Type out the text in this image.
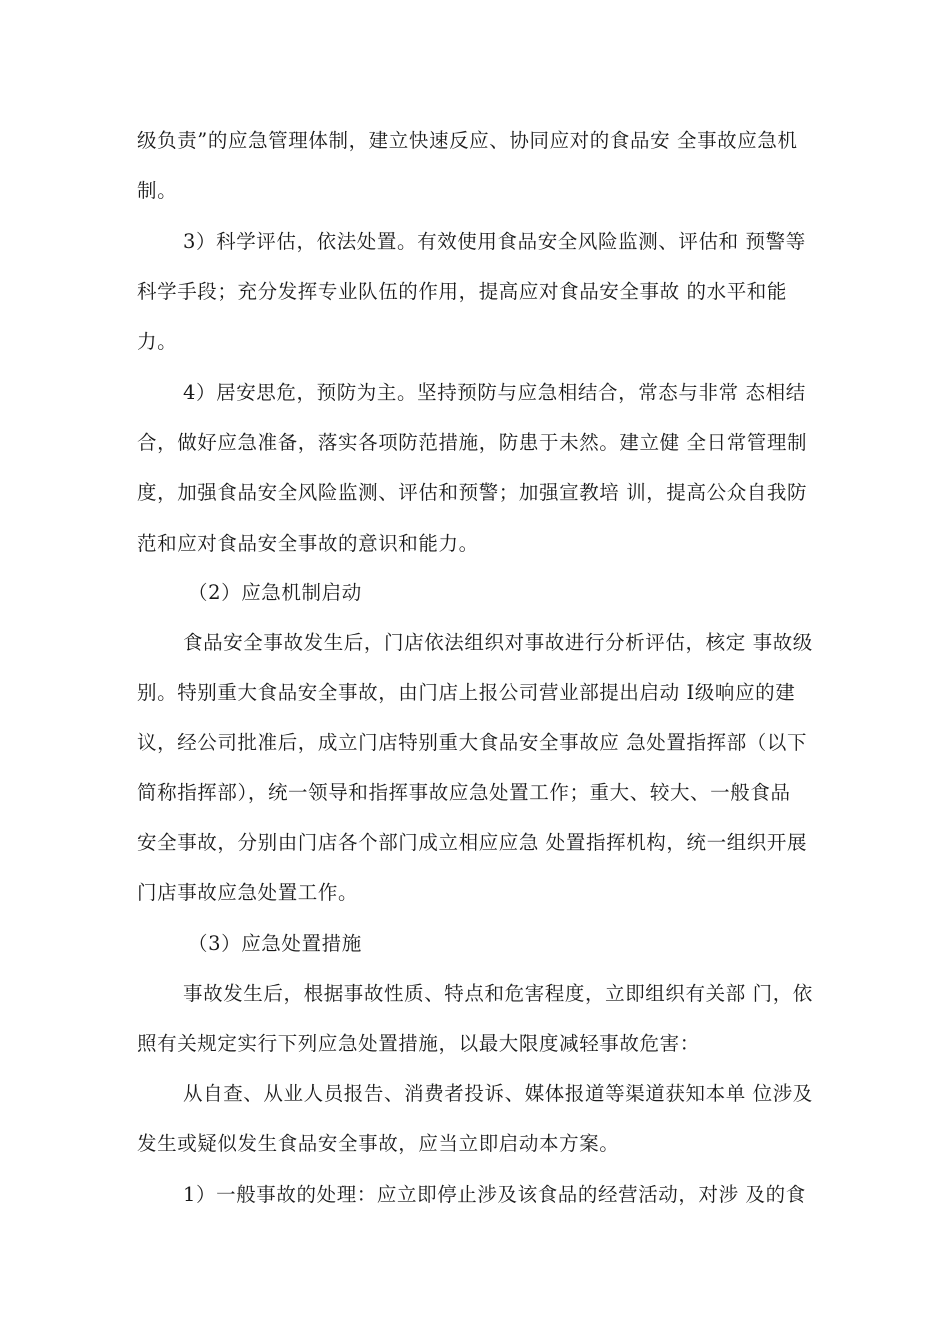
级负责”的应急管理体制，建立快速反应、协同应对的食品安 全事故应急机
制。
3）科学评估，依法处置。有效使用食品安全风险监测、评估和 预警等
科学手段；充分发挥专业队伍的作用，提高应对食品安全事故 的水平和能
力。
4）居安思危，预防为主。坚持预防与应急相结合，常态与非常 态相结
合，做好应急准备，落实各项防范措施，防患于未然。建立健 全日常管理制
度，加强食品安全风险监测、评估和预警；加强宣教培 训，提高公众自我防
范和应对食品安全事故的意识和能力。
（2）应急机制启动
食品安全事故发生后，门店依法组织对事故进行分析评估，核定 事故级
别。特别重大食品安全事故，由门店上报公司营业部提出启动 I级响应的建
议，经公司批准后，成立门店特别重大食品安全事故应 急处置指挥部（以下
简称指挥部），统一领导和指挥事故应急处置工作；重大、较大、一般食品
安全事故，分别由门店各个部门成立相应应急 处置指挥机构，统一组织开展
门店事故应急处置工作。
（3）应急处置措施
事故发生后，根据事故性质、特点和危害程度，立即组织有关部 门，依
照有关规定实行下列应急处置措施，以最大限度减轻事故危害：
从自查、从业人员报告、消费者投诉、媒体报道等渠道获知本单 位涉及
发生或疑似发生食品安全事故，应当立即启动本方案。
1）一般事故的处理：应立即停止涉及该食品的经营活动，对涉 及的食
